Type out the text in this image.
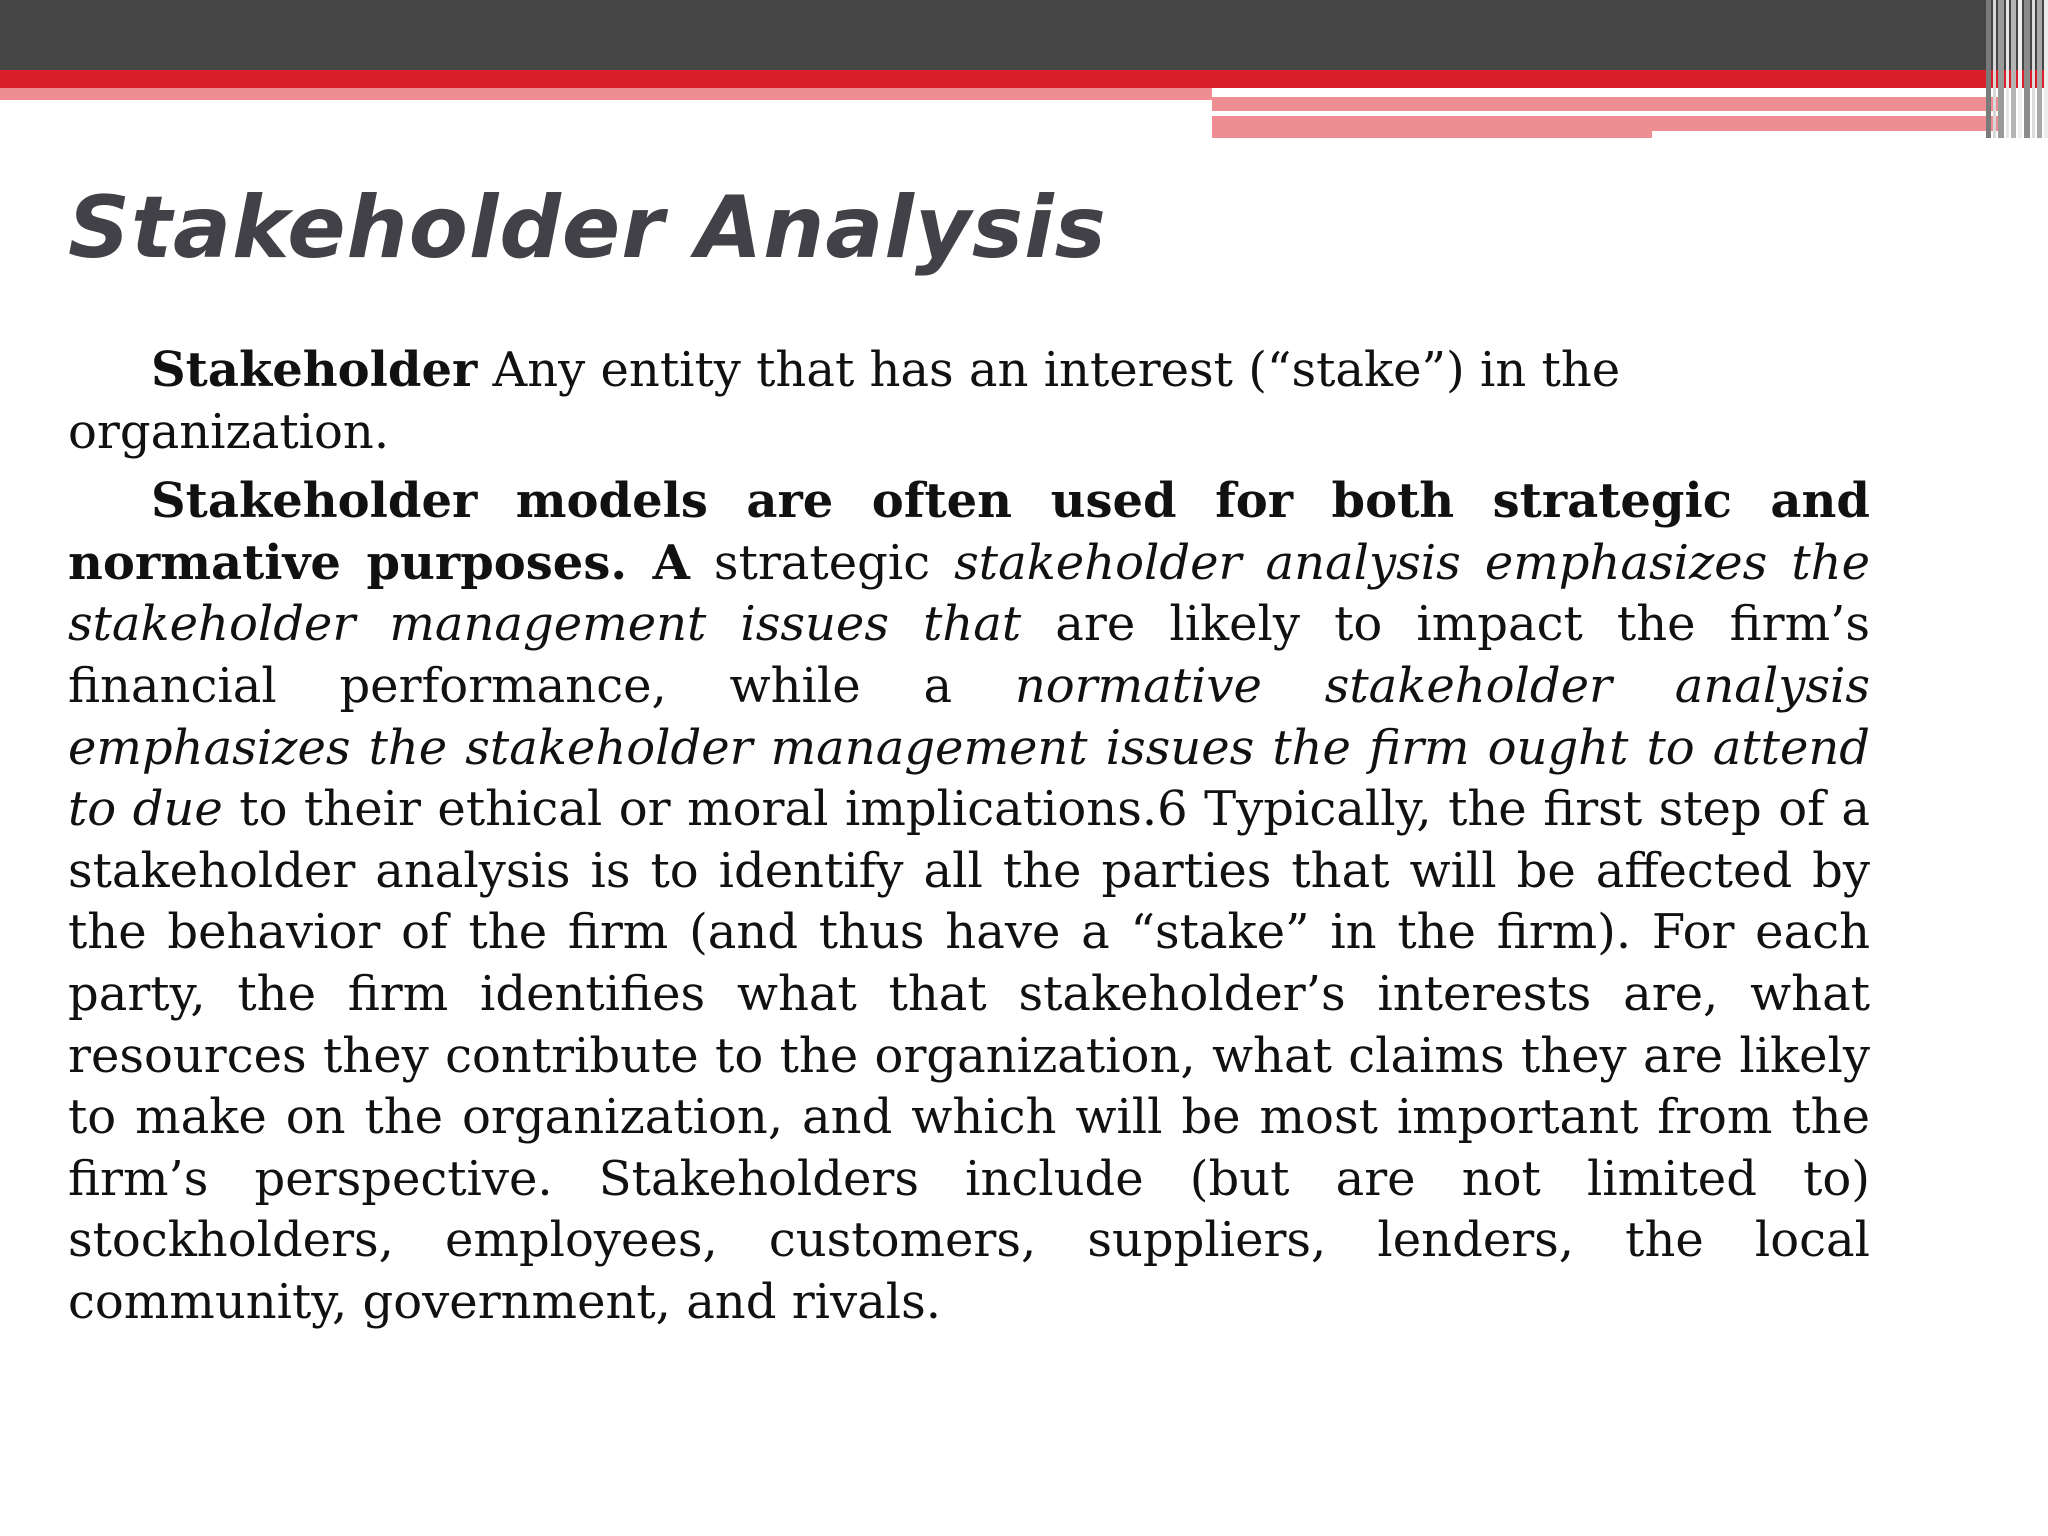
Stakeholder Analysis

Stakeholder Any entity that has an interest (“stake”) in the organization.

Stakeholder models are often used for both strategic and normative purposes. A strategic stakeholder analysis emphasizes the stakeholder management issues that are likely to impact the firm’s financial performance, while a normative stakeholder analysis emphasizes the stakeholder management issues the firm ought to attend to due to their ethical or moral implications.6 Typically, the first step of a stakeholder analysis is to identify all the parties that will be affected by the behavior of the firm (and thus have a “stake” in the firm). For each party, the firm identifies what that stakeholder’s interests are, what resources they contribute to the organization, what claims they are likely to make on the organization, and which will be most important from the firm’s perspective. Stakeholders include (but are not limited to) stockholders, employees, customers, suppliers, lenders, the local community, government, and rivals.
